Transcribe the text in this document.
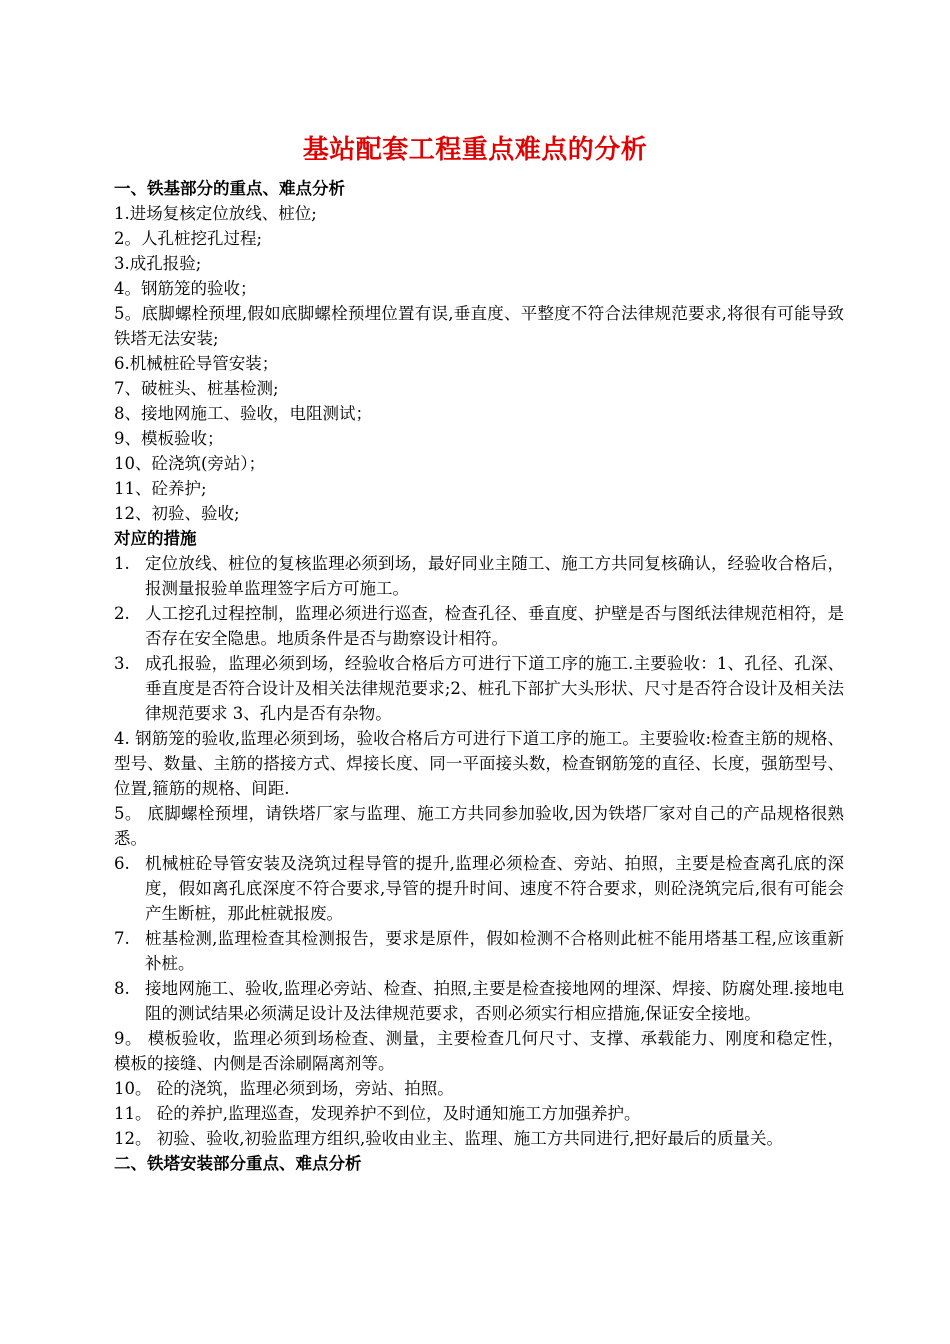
基站配套工程重点难点的分析

一、铁基部分的重点、难点分析

1.进场复核定位放线、桩位;

2。人孔桩挖孔过程;

3.成孔报验;

4。钢筋笼的验收；

5。底脚螺栓预埋,假如底脚螺栓预埋位置有误,垂直度、平整度不符合法律规范要求,将很有可能导致铁塔无法安装;

6.机械桩砼导管安装；

7、破桩头、桩基检测;

8、接地网施工、验收，电阻测试；

9、模板验收；

10、砼浇筑(旁站）；

11、砼养护;

12、初验、验收;

对应的措施

1. 定位放线、桩位的复核监理必须到场，最好同业主随工、施工方共同复核确认，经验收合格后，报测量报验单监理签字后方可施工。
2. 人工挖孔过程控制，监理必须进行巡查，检查孔径、垂直度、护壁是否与图纸法律规范相符，是否存在安全隐患。地质条件是否与勘察设计相符。
3. 成孔报验，监理必须到场，经验收合格后方可进行下道工序的施工.主要验收：1、孔径、孔深、垂直度是否符合设计及相关法律规范要求;2、桩孔下部扩大头形状、尺寸是否符合设计及相关法律规范要求 3、孔内是否有杂物。

4. 钢筋笼的验收,监理必须到场，验收合格后方可进行下道工序的施工。主要验收:检查主筋的规格、型号、数量、主筋的搭接方式、焊接长度、同一平面接头数，检查钢筋笼的直径、长度，强筋型号、位置,箍筋的规格、间距.

5。 底脚螺栓预埋，请铁塔厂家与监理、施工方共同参加验收,因为铁塔厂家对自己的产品规格很熟悉。

6. 机械桩砼导管安装及浇筑过程导管的提升,监理必须检查、旁站、拍照，主要是检查离孔底的深度，假如离孔底深度不符合要求,导管的提升时间、速度不符合要求，则砼浇筑完后,很有可能会产生断桩，那此桩就报废。
7. 桩基检测,监理检查其检测报告，要求是原件，假如检测不合格则此桩不能用塔基工程,应该重新补桩。
8. 接地网施工、验收,监理必旁站、检查、拍照,主要是检查接地网的埋深、焊接、防腐处理.接地电阻的测试结果必须满足设计及法律规范要求，否则必须实行相应措施,保证安全接地。

9。 模板验收，监理必须到场检查、测量，主要检查几何尺寸、支撑、承载能力、刚度和稳定性， 模板的接缝、内侧是否涂刷隔离剂等。

10。 砼的浇筑，监理必须到场，旁站、拍照。

11。 砼的养护,监理巡查，发现养护不到位，及时通知施工方加强养护。

12。 初验、验收,初验监理方组织,验收由业主、监理、施工方共同进行,把好最后的质量关。

二、铁塔安装部分重点、难点分析
